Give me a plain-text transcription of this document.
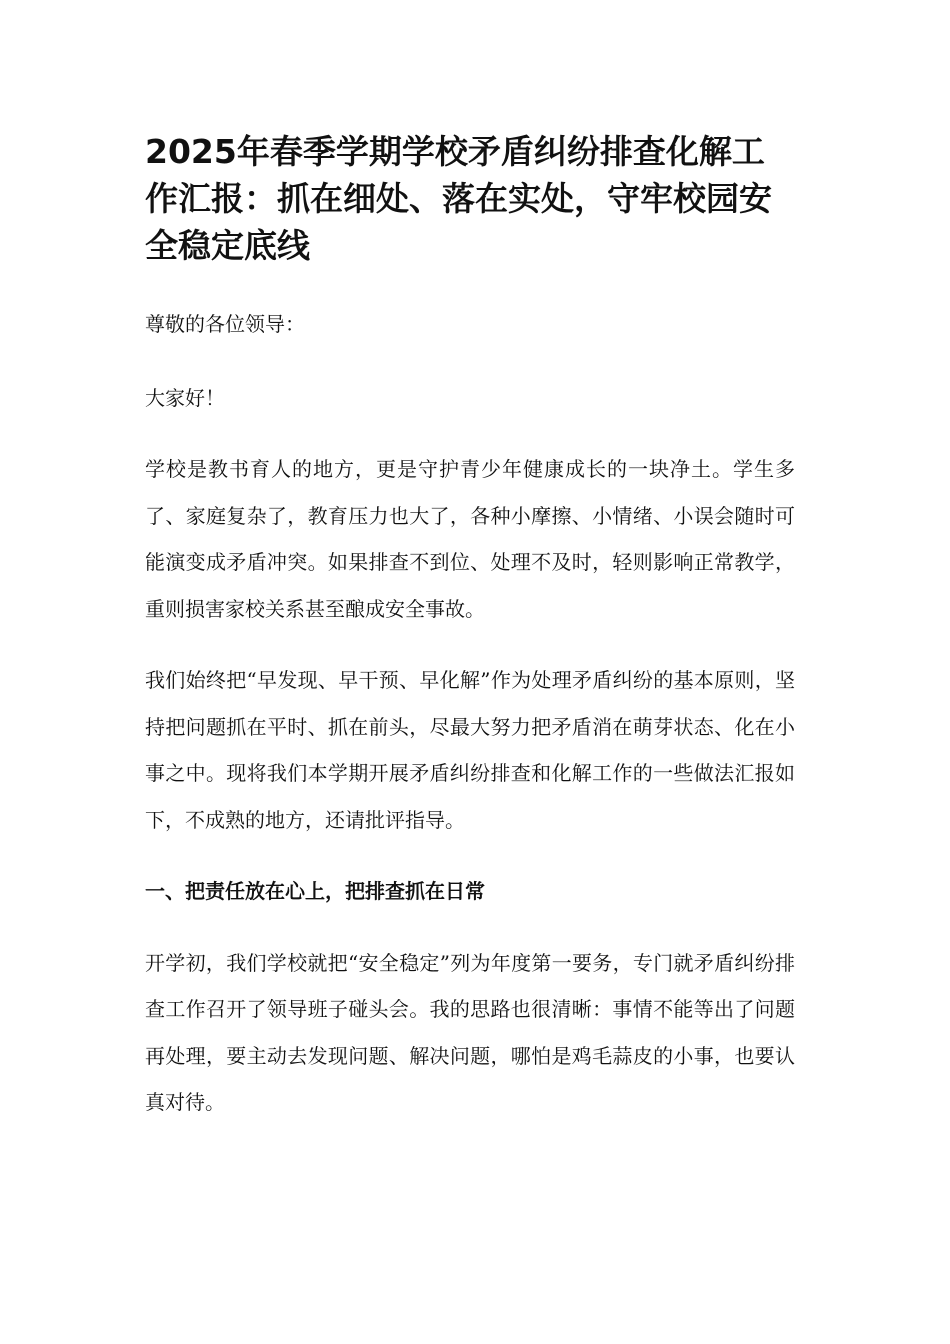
2025年春季学期学校矛盾纠纷排查化解工作汇报：抓在细处、落在实处，守牢校园安全稳定底线

尊敬的各位领导：

大家好！

学校是教书育人的地方，更是守护青少年健康成长的一块净土。学生多了、家庭复杂了，教育压力也大了，各种小摩擦、小情绪、小误会随时可能演变成矛盾冲突。如果排查不到位、处理不及时，轻则影响正常教学，重则损害家校关系甚至酿成安全事故。

我们始终把“早发现、早干预、早化解”作为处理矛盾纠纷的基本原则，坚持把问题抓在平时、抓在前头，尽最大努力把矛盾消在萌芽状态、化在小事之中。现将我们本学期开展矛盾纠纷排查和化解工作的一些做法汇报如下，不成熟的地方，还请批评指导。

一、把责任放在心上，把排查抓在日常

开学初，我们学校就把“安全稳定”列为年度第一要务，专门就矛盾纠纷排查工作召开了领导班子碰头会。我的思路也很清晰：事情不能等出了问题再处理，要主动去发现问题、解决问题，哪怕是鸡毛蒜皮的小事，也要认真对待。
